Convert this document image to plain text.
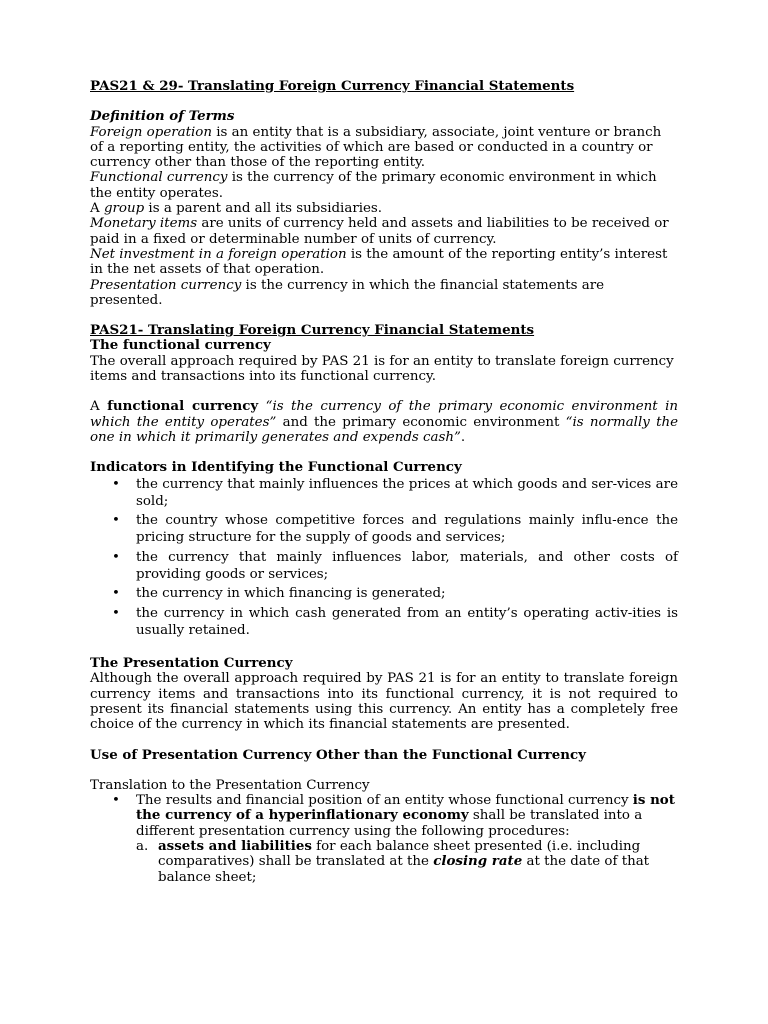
PAS21 & 29- Translating Foreign Currency Financial Statements

Definition of Terms

Foreign operation is an entity that is a subsidiary, associate, joint venture or branch of a reporting entity, the activities of which are based or conducted in a country or currency other than those of the reporting entity.

Functional currency is the currency of the primary economic environment in which the entity operates.

A group is a parent and all its subsidiaries.

Monetary items are units of currency held and assets and liabilities to be received or paid in a fixed or determinable number of units of currency.

Net investment in a foreign operation is the amount of the reporting entity’s interest in the net assets of that operation.

Presentation currency is the currency in which the financial statements are presented.

PAS21- Translating Foreign Currency Financial Statements

The functional currency

The overall approach required by PAS 21 is for an entity to translate foreign currency items and transactions into its functional currency.

A functional currency “is the currency of the primary economic environment in which the entity operates” and the primary economic environment “is normally the one in which it primarily generates and expends cash”.

Indicators in Identifying the Functional Currency

• the currency that mainly influences the prices at which goods and ser-vices are sold;
• the country whose competitive forces and regulations mainly influ-ence the pricing structure for the supply of goods and services;
• the currency that mainly influences labor, materials, and other costs of providing goods or services;
• the currency in which financing is generated;
• the currency in which cash generated from an entity’s operating activ-ities is usually retained.

The Presentation Currency

Although the overall approach required by PAS 21 is for an entity to translate foreign currency items and transactions into its functional currency, it is not required to present its financial statements using this currency. An entity has a completely free choice of the currency in which its financial statements are presented.

Use of Presentation Currency Other than the Functional Currency

Translation to the Presentation Currency

• The results and financial position of an entity whose functional currency is not the currency of a hyperinflationary economy shall be translated into a different presentation currency using the following procedures:
a. assets and liabilities for each balance sheet presented (i.e. including comparatives) shall be translated at the closing rate at the date of that balance sheet;
